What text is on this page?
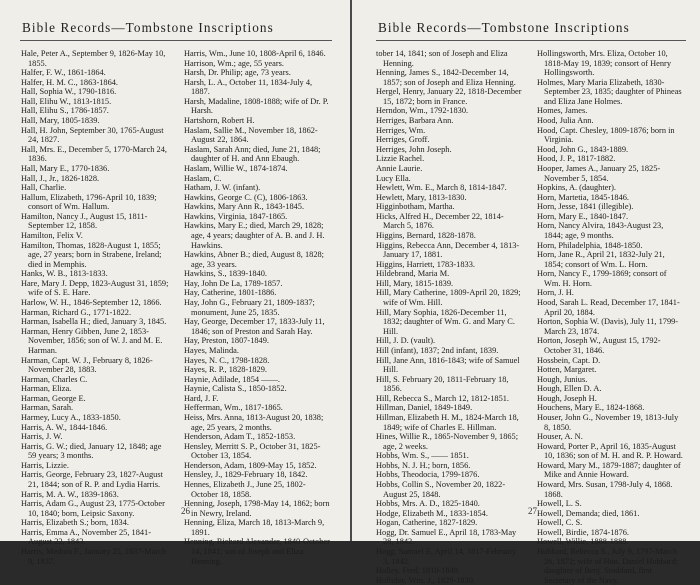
Bible Records—Tombstone Inscriptions

Hale, Peter A., September 9, 1826-May 10, 1855.

Halfer, F. W., 1861-1864.

Halfer, H. M. C., 1863-1864.

Hall, Sophia W., 1790-1816.

Hall, Elihu W., 1813-1815.

Hall, Elihu S., 1786-1857.

Hall, Mary, 1805-1839.

Hall, H. John, September 30, 1765-August 24, 1827.

Hall, Mrs. E., December 5, 1770-March 24, 1836.

Hall, Mary E., 1770-1836.

Hall, J., Jr., 1826-1828.

Hall, Charlie.

Hallum, Elizabeth, 1796-April 10, 1839; consort of Wm. Hallum.

Hamilton, Nancy J., August 15, 1811-September 12, 1858.

Hamilton, Felix V.

Hamilton, Thomas, 1828-August 1, 1855; age, 27 years; born in Strabene, Ireland; died in Memphis.

Hanks, W. B., 1813-1833.

Hare, Mary J. Depp, 1823-August 31, 1859; wife of S. E. Hare.

Harlow, W. H., 1846-September 12, 1866.

Harman, Richard G., 1771-1822.

Harman, Isabella H.; died, January 3, 1845.

Harman, Henry Gibben, June 2, 1853-November, 1856; son of W. J. and M. E. Harman.

Harman, Capt. W. J., February 8, 1826-November 28, 1883.

Harman, Charles C.

Harman, Eliza.

Harman, George E.

Harman, Sarah.

Harmey, Lucy A., 1833-1850.

Harris, A. W., 1844-1846.

Harris, J. W.

Harris, G. W.; died, January 12, 1848; age 59 years; 3 months.

Harris, Lizzie.

Harris, George, February 23, 1827-August 21, 1844; son of R. P. and Lydia Harris.

Harris, M. A. W., 1839-1863.

Harris, Adam G., August 23, 1775-October 10, 1840; born, Leipsic Saxony.

Harris, Elizabeth S.; born, 1834.

Harris, Emma A., November 25, 1841-August 22, 1843.

Harris, Medora F., January 25, 1837-March 9, 1837.

Harris, Wm., June 10, 1808-April 6, 1846.

Harrison, Wm.; age, 55 years.

Harsh, Dr. Philip; age, 73 years.

Harsh, L. A., October 11, 1834-July 4, 1887.

Harsh, Madaline, 1808-1888; wife of Dr. P. Harsh.

Hartshorn, Robert H.

Haslam, Sallie M., November 18, 1862-August 22, 1864.

Haslam, Sarah Ann; died, June 21, 1848; daughter of H. and Ann Ebaugh.

Haslam, Willie W., 1874-1874.

Haslam, C.

Hatham, J. W. (infant).

Hawkins, George C. (C), 1806-1863.

Hawkins, Mary Ann R., 1843-1845.

Hawkins, Virginia, 1847-1865.

Hawkins, Mary E.; died, March 29, 1828; age, 4 years; daughter of A. B. and J. H. Hawkins.

Hawkins, Abner B.; died, August 8, 1828; age, 33 years.

Hawkins, S., 1839-1840.

Hay, John De La, 1789-1857.

Hay, Catherine, 1801-1886.

Hay, John G., February 21, 1809-1837; monument, June 25, 1835.

Hay, George, December 17, 1833-July 11, 1846; son of Preston and Sarah Hay.

Hay, Preston, 1807-1849.

Hayes, Malinda.

Hayes, N. C., 1798-1828.

Hayes, R. P., 1828-1829.

Haynie, Adilade, 1854 ——.

Haynie, Calista S., 1850-1852.

Hard, J. F.

Hefferman, Wm., 1817-1865.

Heiss, Mrs. Anna, 1813-August 20, 1838; age, 25 years, 2 months.

Henderson, Adam T., 1852-1853.

Hensley, Merritt S. P., October 31, 1825-October 13, 1854.

Henderson, Adam, 1809-May 15, 1852.

Hensley, J., 1829-February 18, 1842.

Hennes, Elizabeth J., June 25, 1802-October 18, 1858.

Henning, Joseph, 1798-May 14, 1862; born in Newry, Ireland.

Henning, Eliza, March 18, 1813-March 9, 1891.

Henning, Richard Alexander, 1840-October 14, 1841; son of Joseph and Eliza Henning.

26
Bible Records—Tombstone Inscriptions

tober 14, 1841; son of Joseph and Eliza Henning.

Henning, James S., 1842-December 14, 1857; son of Joseph and Eliza Henning.

Hergel, Henry, January 22, 1818-December 15, 1872; born in France.

Herndon, Wm., 1792-1830.

Herriges, Barbara Ann.

Herriges, Wm.

Herriges, Groff.

Herriges, John Joseph.

Lizzie Rachel.

Annie Laurie.

Lucy Ella.

Hewlett, Wm. E., March 8, 1814-1847.

Hewlett, Mary, 1813-1830.

Higginbotham, Martha.

Hicks, Alfred H., December 22, 1814-March 5, 1876.

Higgins, Bernard, 1828-1878.

Higgins, Rebecca Ann, December 4, 1813-January 17, 1881.

Higgins, Harriett, 1783-1833.

Hildebrand, Maria M.

Hill, Mary, 1815-1839.

Hill, Mary Catherine, 1809-April 20, 1829; wife of Wm. Hill.

Hill, Mary Sophia, 1826-December 11, 1832; daughter of Wm. G. and Mary C. Hill.

Hill, J. D. (vault).

Hill (infant), 1837; 2nd infant, 1839.

Hill, Jane Ann, 1816-1843; wife of Samuel Hill.

Hill, S. February 20, 1811-February 18, 1856.

Hill, Rebecca S., March 12, 1812-1851.

Hillman, Daniel, 1849-1849.

Hillman, Elizabeth H. M., 1824-March 18, 1849; wife of Charles E. Hillman.

Hines, Willie R., 1865-November 9, 1865; age, 2 weeks.

Hobbs, Wm. S., —— 1851.

Hobbs, N. J. H.; born, 1856.

Hobbs, Theodocia, 1799-1876.

Hobbs, Collin S., November 20, 1822-August 25, 1848.

Hobbs, Mrs. A. D., 1825-1840.

Hodge, Elizabeth M., 1833-1854.

Hogan, Catherine, 1827-1829.

Hogg, Dr. Samuel E., April 18, 1783-May 28, 1842.

Hogg, Samuel E. April 14, 1817-February 3, 1842.

Holley, Fred, 1810-1849.

Holliday, Wm. J., 1829-1830.

Hollingsworth, Mrs. Eliza, October 10, 1818-May 19, 1839; consort of Henry Hollingsworth.

Holmes, Mary Maria Elizabeth, 1830-September 23, 1835; daughter of Phineas and Eliza Jane Holmes.

Homes, James.

Hood, Julia Ann.

Hood, Capt. Chesley, 1809-1876; born in Virginia.

Hood, John G., 1843-1889.

Hood, J. P., 1817-1882.

Hooper, James A., January 25, 1825-November 5, 1854.

Hopkins, A. (daughter).

Horn, Martetia, 1845-1846.

Horn, Jesse, 1841 (illegible).

Horn, Mary E., 1840-1847.

Horn, Nancy Alvira, 1843-August 23, 1844; age, 9 months.

Horn, Philadelphia, 1848-1850.

Horn, Jane R., April 21, 1832-July 21, 1854; consort of Wm. L. Horn.

Horn, Nancy F., 1799-1869; consort of Wm. H. Horn.

Horn, J. H.

Hood, Sarah L. Read, December 17, 1841-April 20, 1884.

Horton, Sophia W. (Davis), July 11, 1799-March 23, 1874.

Horton, Joseph W., August 15, 1792-October 31, 1846.

Hossbein, Capt. D.

Hotten, Margaret.

Hough, Junius.

Hough, Ellen D. A.

Hough, Joseph H.

Houchens, Mary E., 1824-1868.

Houser, John G., November 19, 1813-July 8, 1850.

Houser, A. N.

Howard, Porter P., April 16, 1835-August 10, 1836; son of M. H. and R. P. Howard.

Howard, Mary M., 1879-1887; daughter of Mike and Annie Howard.

Howard, Mrs. Susan, 1798-July 4, 1868. 1868.

Howell, L. S.

Howell, Demanda; died, 1861.

Howell, C. S.

Howell, Birdie, 1874-1876.

Howell, Willie, 1888-1888.

Hubbard, Rebecca S., July 9, 1797-March 26, 1872; wife of Hon. Daniel Hubbard; daughter of Benj. Stoddard, first Secretary of the Navy.

27
